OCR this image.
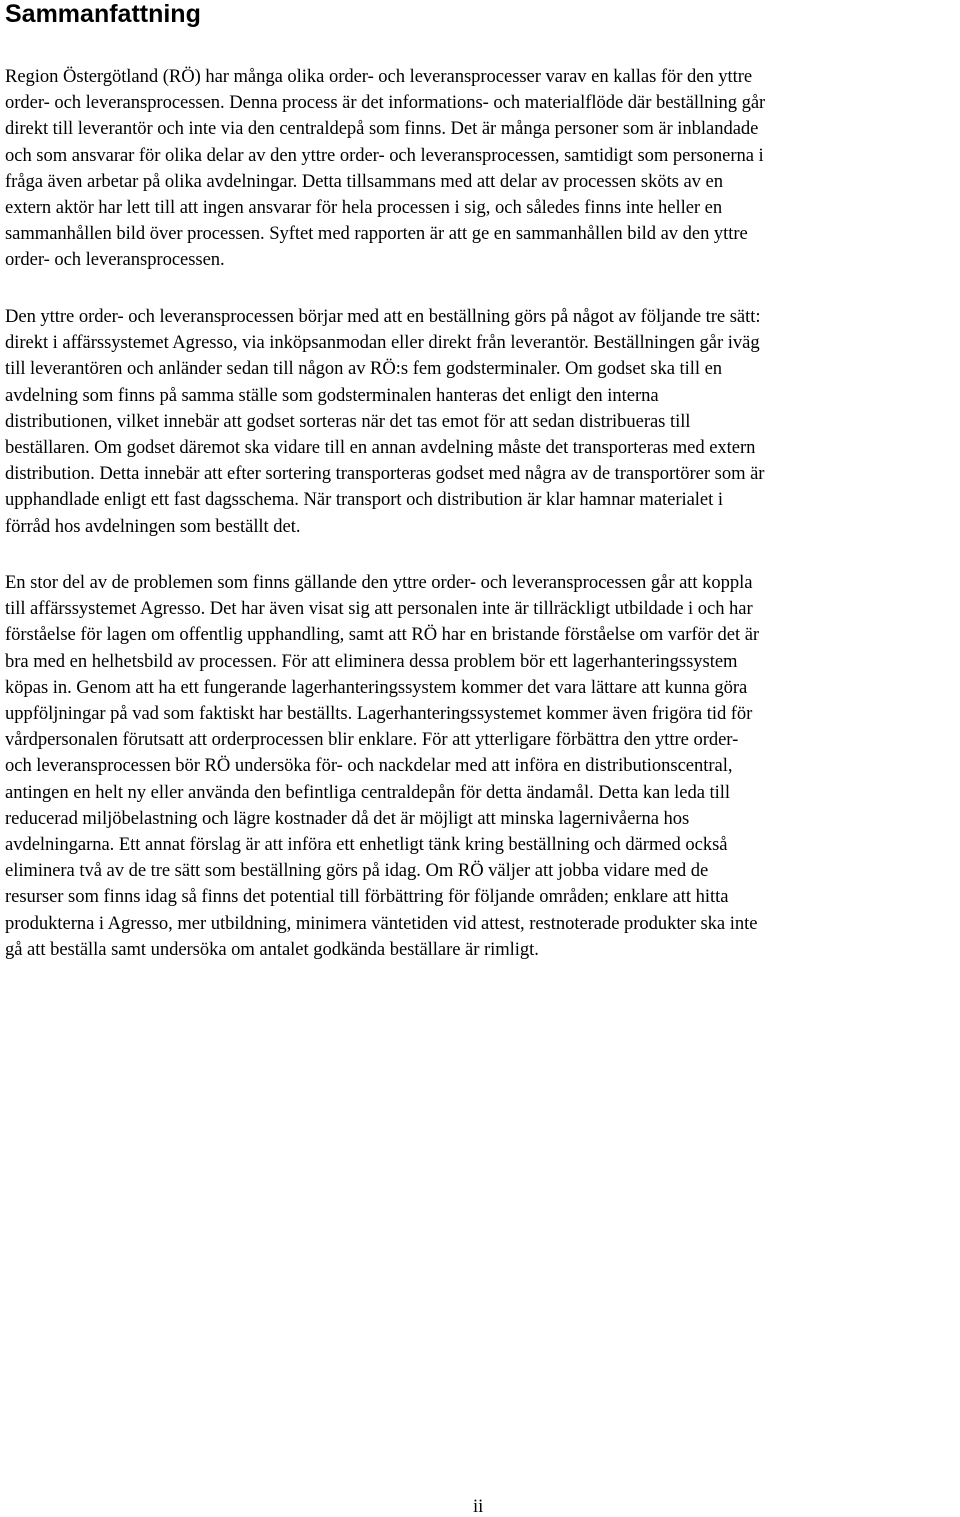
Sammanfattning

Region Östergötland (RÖ) har många olika order- och leveransprocesser varav en kallas för den yttre
order- och leveransprocessen. Denna process är det informations- och materialflöde där beställning går
direkt till leverantör och inte via den centraldepå som finns. Det är många personer som är inblandade
och som ansvarar för olika delar av den yttre order- och leveransprocessen, samtidigt som personerna i
fråga även arbetar på olika avdelningar. Detta tillsammans med att delar av processen sköts av en
extern aktör har lett till att ingen ansvarar för hela processen i sig, och således finns inte heller en
sammanhållen bild över processen. Syftet med rapporten är att ge en sammanhållen bild av den yttre
order- och leveransprocessen.

Den yttre order- och leveransprocessen börjar med att en beställning görs på något av följande tre sätt:
direkt i affärssystemet Agresso, via inköpsanmodan eller direkt från leverantör. Beställningen går iväg
till leverantören och anländer sedan till någon av RÖ:s fem godsterminaler. Om godset ska till en
avdelning som finns på samma ställe som godsterminalen hanteras det enligt den interna
distributionen, vilket innebär att godset sorteras när det tas emot för att sedan distribueras till
beställaren. Om godset däremot ska vidare till en annan avdelning måste det transporteras med extern
distribution. Detta innebär att efter sortering transporteras godset med några av de transportörer som är
upphandlade enligt ett fast dagsschema. När transport och distribution är klar hamnar materialet i
förråd hos avdelningen som beställt det.

En stor del av de problemen som finns gällande den yttre order- och leveransprocessen går att koppla
till affärssystemet Agresso. Det har även visat sig att personalen inte är tillräckligt utbildade i och har
förståelse för lagen om offentlig upphandling, samt att RÖ har en bristande förståelse om varför det är
bra med en helhetsbild av processen. För att eliminera dessa problem bör ett lagerhanteringssystem
köpas in. Genom att ha ett fungerande lagerhanteringssystem kommer det vara lättare att kunna göra
uppföljningar på vad som faktiskt har beställts. Lagerhanteringssystemet kommer även frigöra tid för
vårdpersonalen förutsatt att orderprocessen blir enklare. För att ytterligare förbättra den yttre order-
och leveransprocessen bör RÖ undersöka för- och nackdelar med att införa en distributionscentral,
antingen en helt ny eller använda den befintliga centraldepån för detta ändamål. Detta kan leda till
reducerad miljöbelastning och lägre kostnader då det är möjligt att minska lagernivåerna hos
avdelningarna. Ett annat förslag är att införa ett enhetligt tänk kring beställning och därmed också
eliminera två av de tre sätt som beställning görs på idag. Om RÖ väljer att jobba vidare med de
resurser som finns idag så finns det potential till förbättring för följande områden; enklare att hitta
produkterna i Agresso, mer utbildning, minimera väntetiden vid attest, restnoterade produkter ska inte
gå att beställa samt undersöka om antalet godkända beställare är rimligt.

ii
